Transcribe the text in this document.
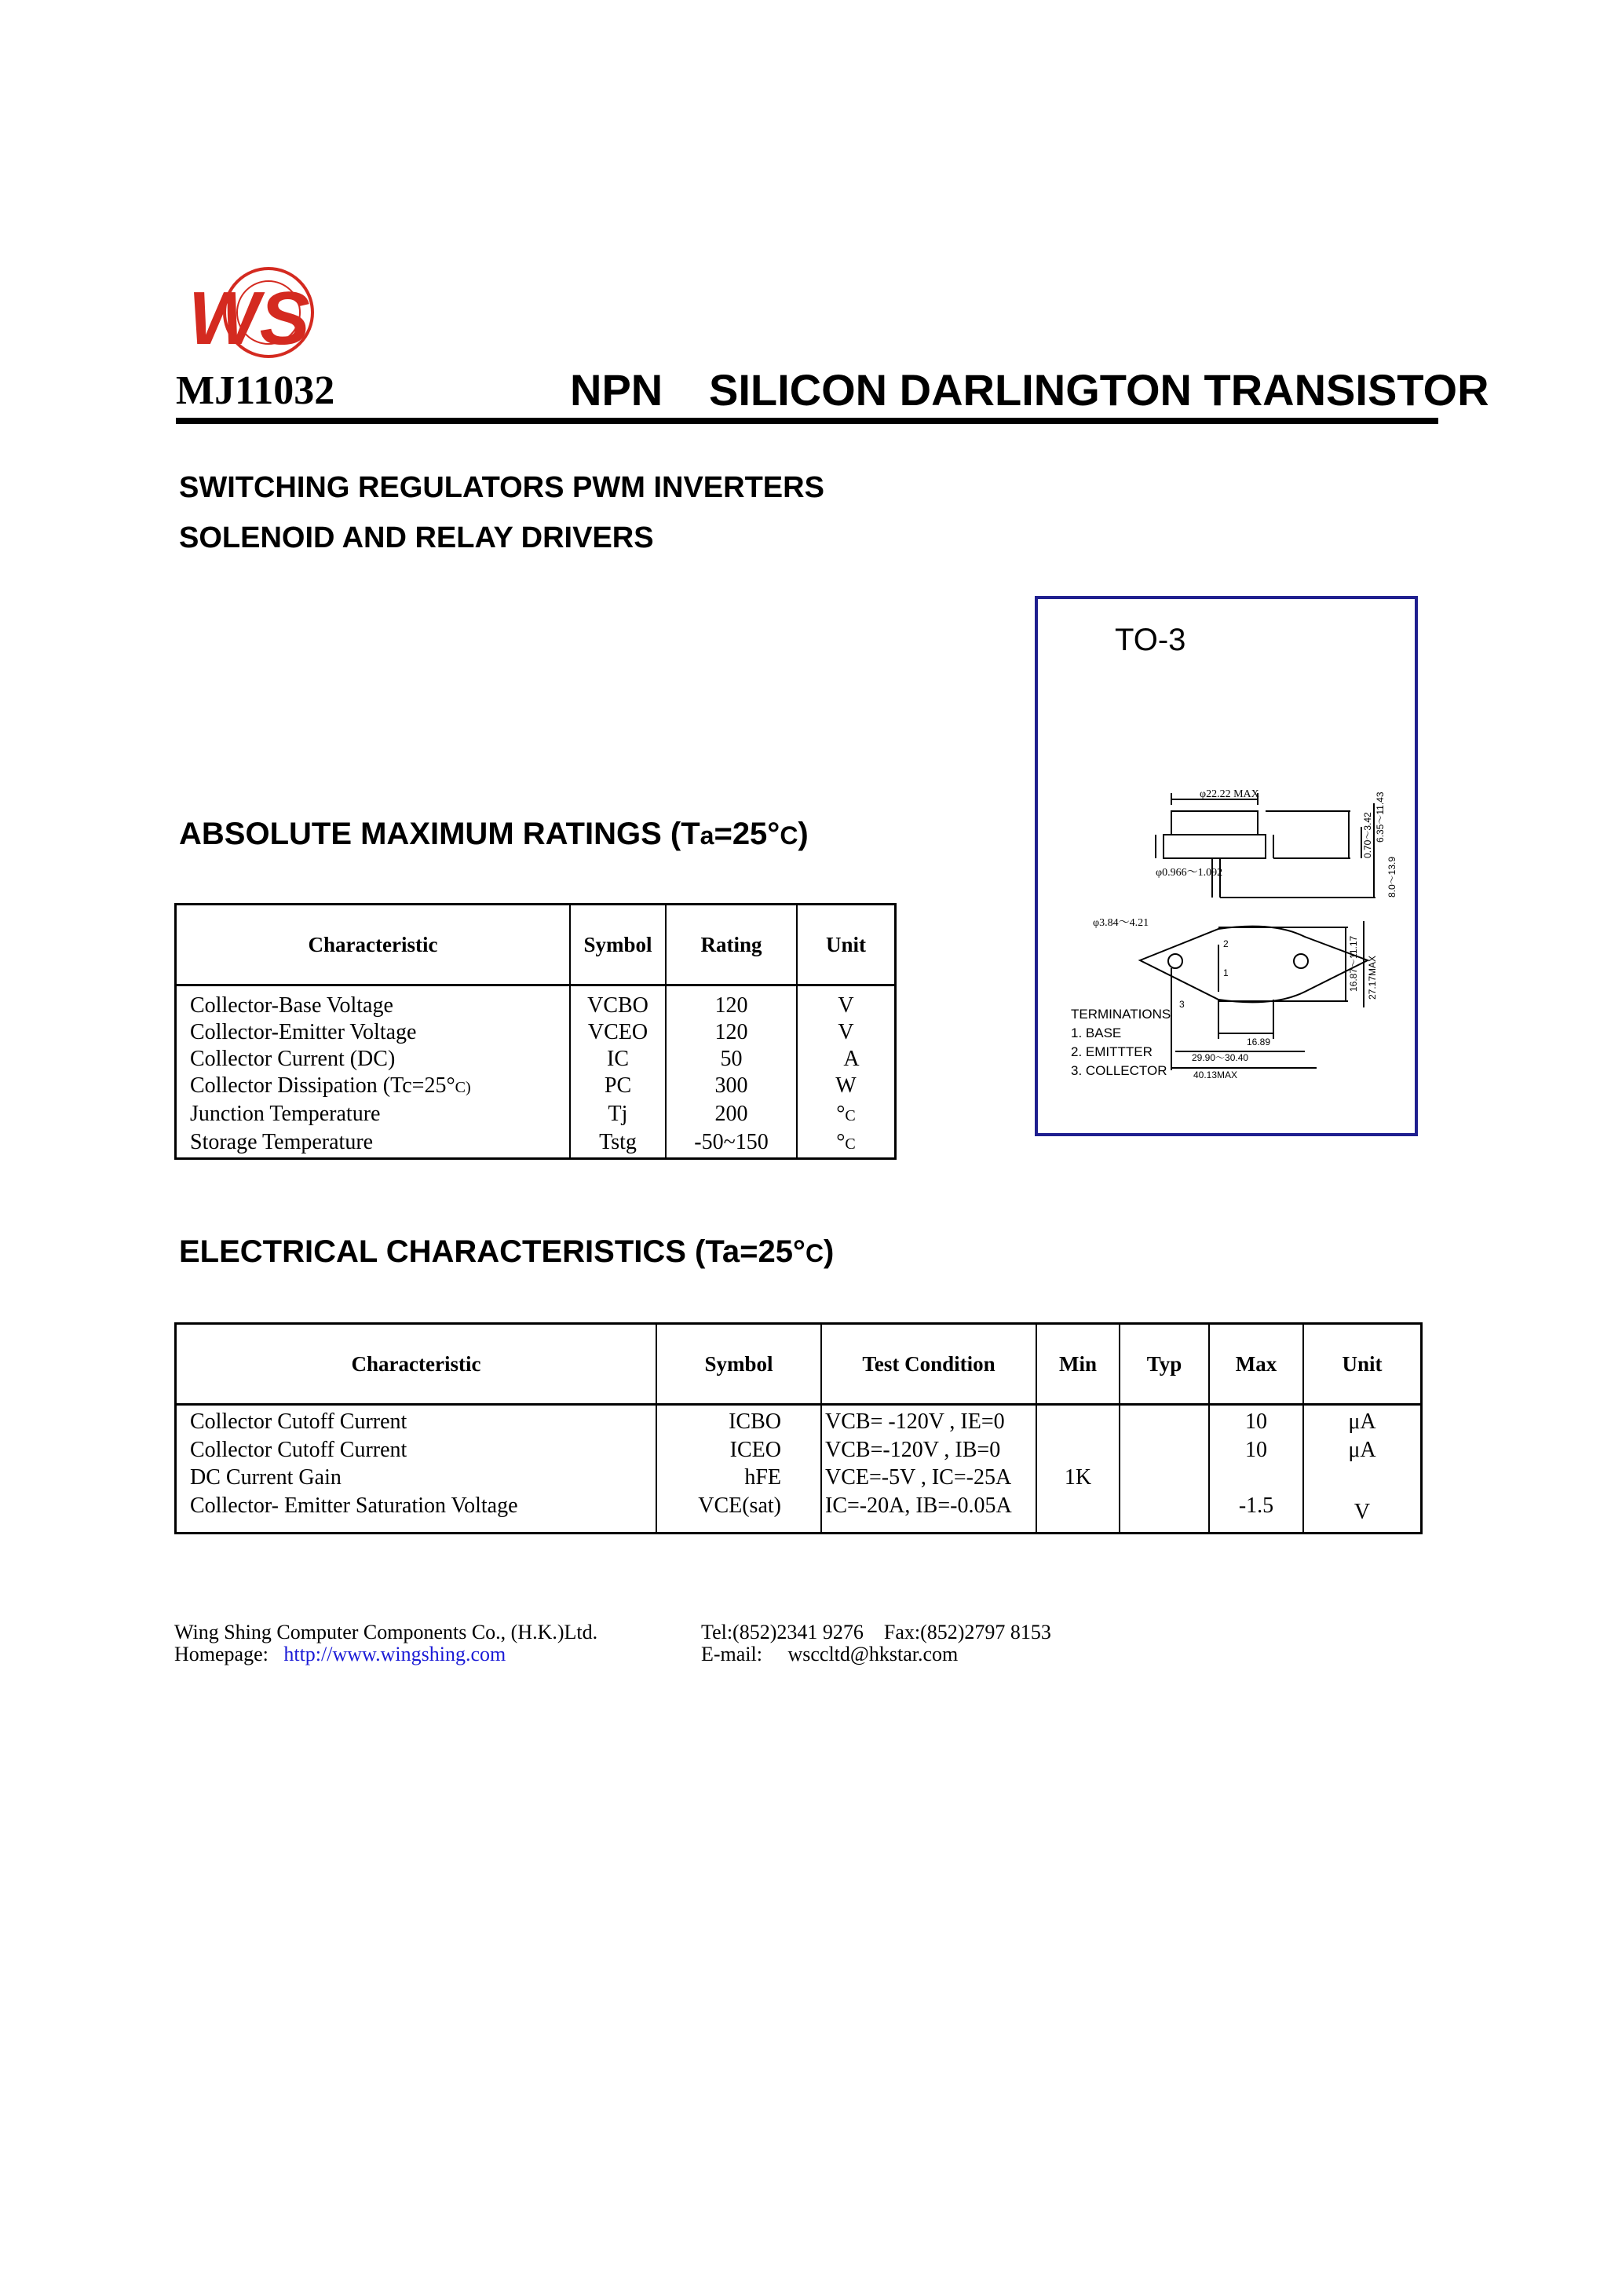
WS
MJ11032	NPN SILICON DARLINGTON TRANSISTOR
SWITCHING REGULATORS PWM INVERTERS
SOLENOID AND RELAY DRIVERS
TO-3
φ22.22 MAX
φ0.966～1.092
6.35～11.43
8.0～13.9
0.70～3.42
φ3.84～4.21
16.87～11.17 27.17MAX
16.89
29.90～30.40
40.13MAX
2
1
3
TERMINATIONS
1. BASE
2. EMITTTER
3. COLLECTOR
ABSOLUTE MAXIMUM RATINGS (Ta=25°C)
Characteristic	Symbol	Rating	Unit
Collector-Base Voltage	VCBO	120	V
Collector-Emitter Voltage	VCEO	120	V
Collector Current (DC)	IC	50	A
Collector Dissipation (Tc=25°C)	PC	300	W
Junction Temperature	Tj	200	°C
Storage Temperature	Tstg	-50~150	°C
ELECTRICAL CHARACTERISTICS (Ta=25°C)
Characteristic	Symbol	Test Condition	Min	Typ	Max	Unit
Collector Cutoff Current	ICBO	VCB= -120V , IE=0			10	μA
Collector Cutoff Current	ICEO	VCB=-120V , IB=0			10	μA
DC Current Gain	hFE	VCE=-5V , IC=-25A	1K			
Collector- Emitter Saturation Voltage	VCE(sat)	IC=-20A, IB=-0.05A			-1.5	V
Wing Shing Computer Components Co., (H.K.)Ltd.
Homepage: http://www.wingshing.com
Tel:(852)2341 9276 Fax:(852)2797 8153
E-mail: wsccltd@hkstar.com
